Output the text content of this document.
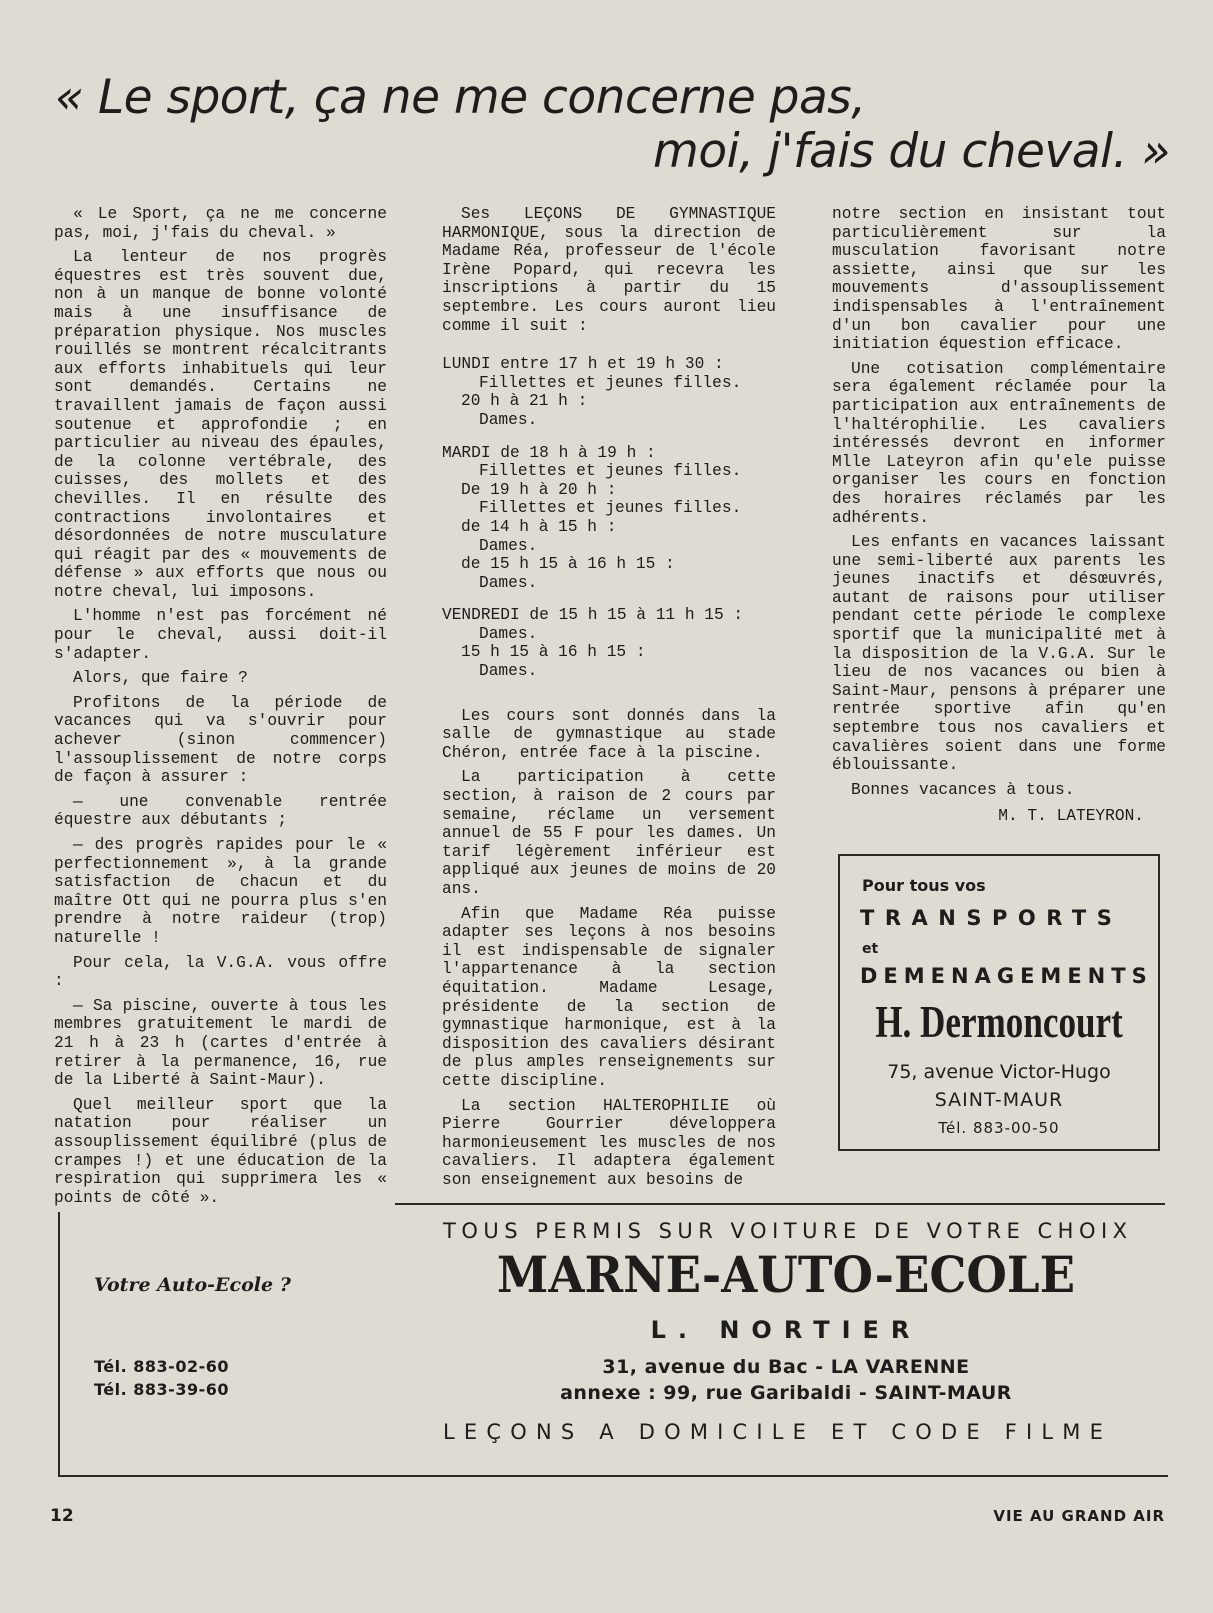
« Le sport, ça ne me concerne pas,
moi, j'fais du cheval. »

« Le Sport, ça ne me concerne pas, moi, j'fais du cheval. »

La lenteur de nos progrès équestres est très souvent due, non à un manque de bonne volonté mais à une insuffisance de préparation physique. Nos muscles rouillés se montrent récalcitrants aux efforts inhabituels qui leur sont demandés. Certains ne travaillent jamais de façon aussi soutenue et approfondie ; en particulier au niveau des épaules, de la colonne vertébrale, des cuisses, des mollets et des chevilles. Il en résulte des contractions involontaires et désordonnées de notre musculature qui réagit par des « mouvements de défense » aux efforts que nous ou notre cheval, lui imposons.

L'homme n'est pas forcément né pour le cheval, aussi doit-il s'adapter.

Alors, que faire ?

Profitons de la période de vacances qui va s'ouvrir pour achever (sinon commencer) l'assouplissement de notre corps de façon à assurer :

— une convenable rentrée équestre aux débutants ;

— des progrès rapides pour le « perfectionnement », à la grande satisfaction de chacun et du maître Ott qui ne pourra plus s'en prendre à notre raideur (trop) naturelle !

Pour cela, la V.G.A. vous offre :

— Sa piscine, ouverte à tous les membres gratuitement le mardi de 21 h à 23 h (cartes d'entrée à retirer à la permanence, 16, rue de la Liberté à Saint-Maur).

Quel meilleur sport que la natation pour réaliser un assouplissement équilibré (plus de crampes !) et une éducation de la respiration qui supprimera les « points de côté ».

Ses LEÇONS DE GYMNASTIQUE HARMONIQUE, sous la direction de Madame Réa, professeur de l'école Irène Popard, qui recevra les inscriptions à partir du 15 septembre. Les cours auront lieu comme il suit :

LUNDI entre 17 h et 19 h 30 :
Fillettes et jeunes filles.
20 h à 21 h :
Dames.
MARDI de 18 h à 19 h :
Fillettes et jeunes filles.
De 19 h à 20 h :
Fillettes et jeunes filles.
de 14 h à 15 h :
Dames.
de 15 h 15 à 16 h 15 :
Dames.
VENDREDI de 15 h 15 à 11 h 15 :
Dames.
15 h 15 à 16 h 15 :
Dames.

Les cours sont donnés dans la salle de gymnastique au stade Chéron, entrée face à la piscine.

La participation à cette section, à raison de 2 cours par semaine, réclame un versement annuel de 55 F pour les dames. Un tarif légèrement inférieur est appliqué aux jeunes de moins de 20 ans.

Afin que Madame Réa puisse adapter ses leçons à nos besoins il est indispensable de signaler l'appartenance à la section équitation. Madame Lesage, présidente de la section de gymnastique harmonique, est à la disposition des cavaliers désirant de plus amples renseignements sur cette discipline.

La section HALTEROPHILIE où Pierre Gourrier développera harmonieusement les muscles de nos cavaliers. Il adaptera également son enseignement aux besoins de

notre section en insistant tout particulièrement sur la musculation favorisant notre assiette, ainsi que sur les mouvements d'assouplissement indispensables à l'entraînement d'un bon cavalier pour une initiation équestion efficace.

Une cotisation complémentaire sera également réclamée pour la participation aux entraînements de l'haltérophilie. Les cavaliers intéressés devront en informer Mlle Lateyron afin qu'ele puisse organiser les cours en fonction des horaires réclamés par les adhérents.

Les enfants en vacances laissant une semi-liberté aux parents les jeunes inactifs et désœuvrés, autant de raisons pour utiliser pendant cette période le complexe sportif que la municipalité met à la disposition de la V.G.A. Sur le lieu de nos vacances ou bien à Saint-Maur, pensons à préparer une rentrée sportive afin qu'en septembre tous nos cavaliers et cavalières soient dans une forme éblouissante.

Bonnes vacances à tous.

M. T. LATEYRON.

Pour tous vos
TRANSPORTS
et
DEMENAGEMENTS
H. Dermoncourt
75, avenue Victor-Hugo
SAINT-MAUR
Tél. 883-00-50
Votre Auto-Ecole ?
Tél. 883-02-60
Tél. 883-39-60
TOUS PERMIS SUR VOITURE DE VOTRE CHOIX
MARNE-AUTO-ECOLE
L. NORTIER
31, avenue du Bac - LA VARENNE
annexe : 99, rue Garibaldi - SAINT-MAUR
LEÇONS A DOMICILE ET CODE FILME
12	VIE AU GRAND AIR
